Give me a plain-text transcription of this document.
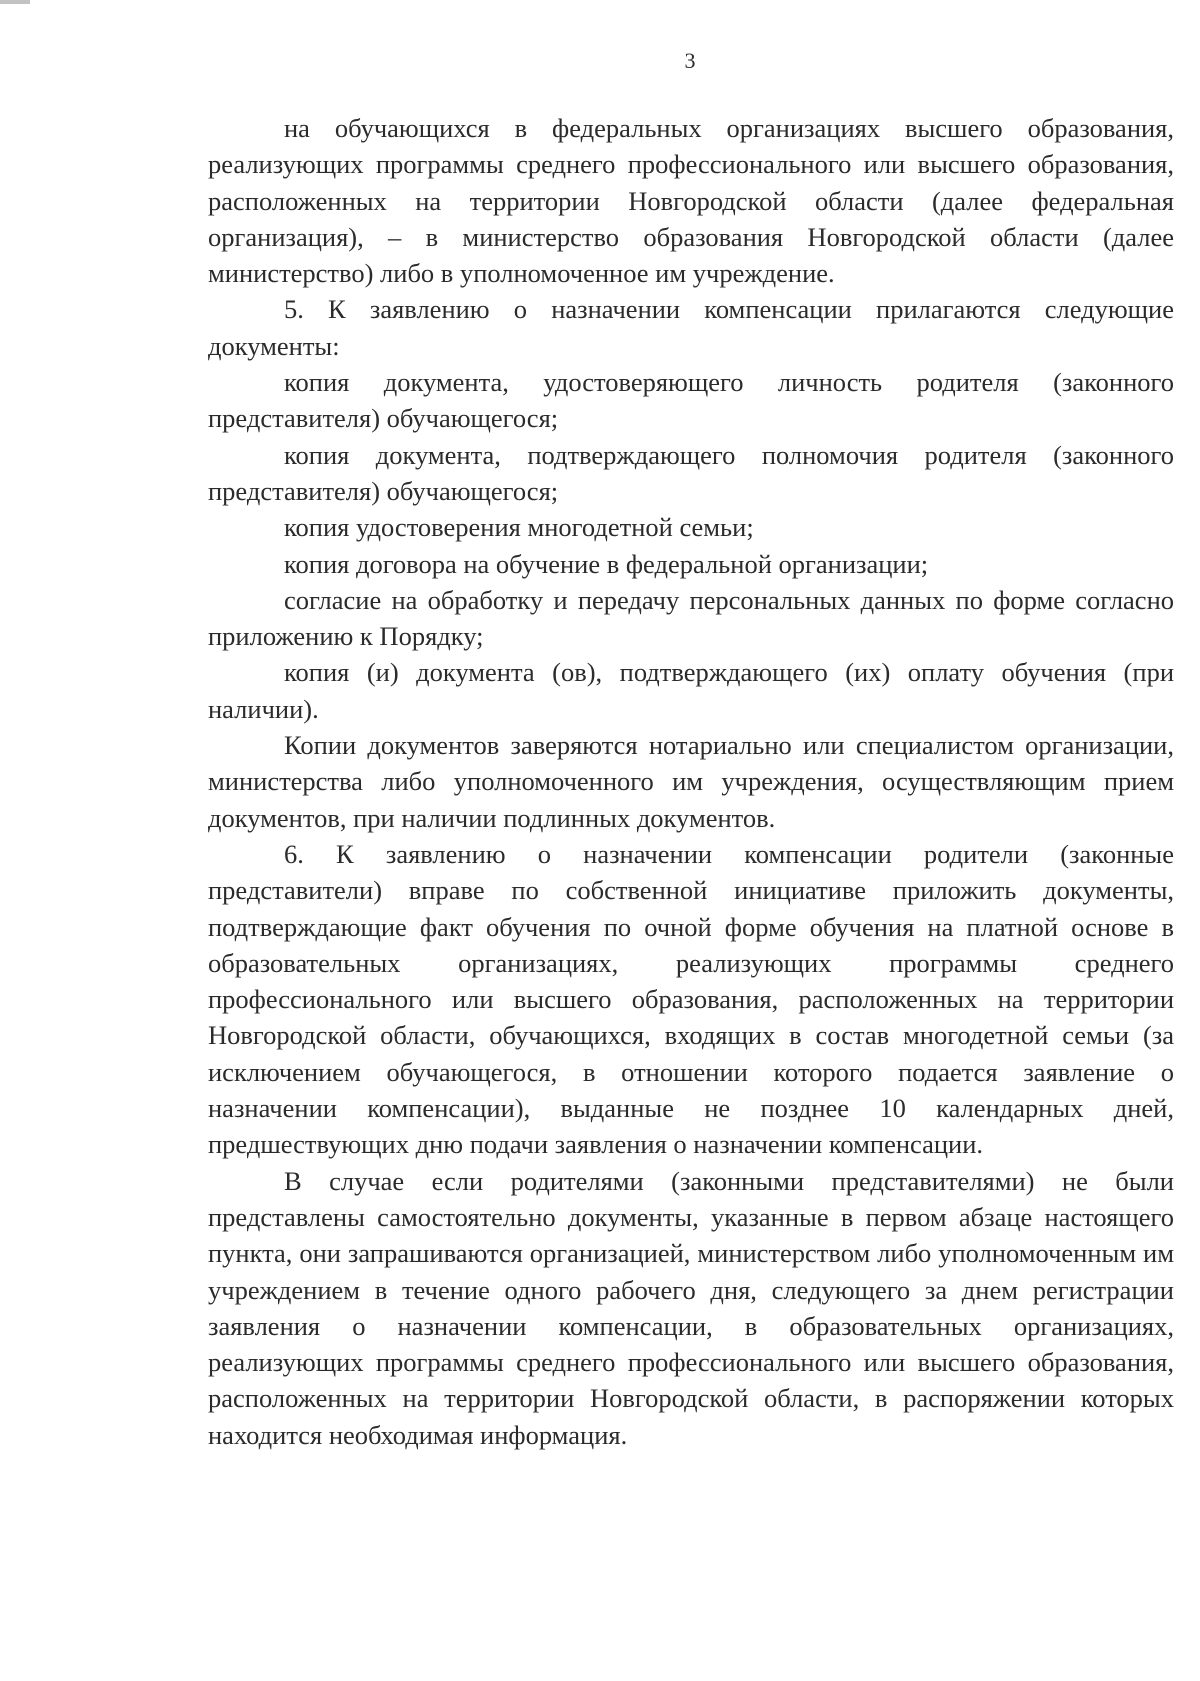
3

на обучающихся в федеральных организациях высшего образования, реализующих программы среднего профессионального или высшего образования, расположенных на территории Новгородской области (далее федеральная организация), – в министерство образования Новгородской области (далее министерство) либо в уполномоченное им учреждение.

5. К заявлению о назначении компенсации прилагаются следующие документы:

копия документа, удостоверяющего личность родителя (законного представителя) обучающегося;

копия документа, подтверждающего полномочия родителя (законного представителя) обучающегося;

копия удостоверения многодетной семьи;

копия договора на обучение в федеральной организации;

согласие на обработку и передачу персональных данных по форме согласно приложению к Порядку;

копия (и) документа (ов), подтверждающего (их) оплату обучения (при наличии).

Копии документов заверяются нотариально или специалистом организации, министерства либо уполномоченного им учреждения, осуществляющим прием документов, при наличии подлинных документов.

6. К заявлению о назначении компенсации родители (законные представители) вправе по собственной инициативе приложить документы, подтверждающие факт обучения по очной форме обучения на платной основе в образовательных организациях, реализующих программы среднего профессионального или высшего образования, расположенных на территории Новгородской области, обучающихся, входящих в состав многодетной семьи (за исключением обучающегося, в отношении которого подается заявление о назначении компенсации), выданные не позднее 10 календарных дней, предшествующих дню подачи заявления о назначении компенсации.

В случае если родителями (законными представителями) не были представлены самостоятельно документы, указанные в первом абзаце настоящего пункта, они запрашиваются организацией, министерством либо уполномоченным им учреждением в течение одного рабочего дня, следующего за днем регистрации заявления о назначении компенсации, в образовательных организациях, реализующих программы среднего профессионального или высшего образования, расположенных на территории Новгородской области, в распоряжении которых находится необходимая информация.
